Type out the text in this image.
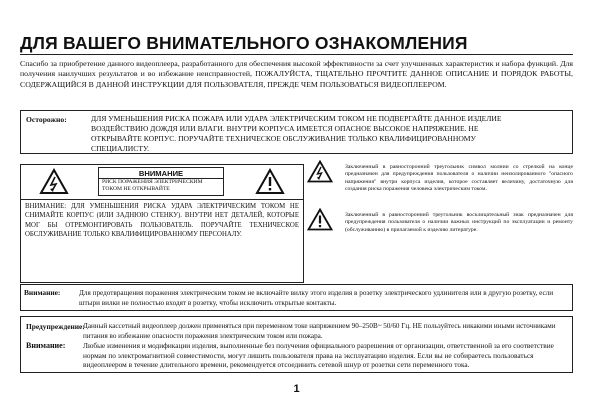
ДЛЯ ВАШЕГО ВНИМАТЕЛЬНОГО ОЗНАКОМЛЕНИЯ
Спасибо за приобретение данного видеоплеера, разработанного для обеспечения высокой эффективности за счет улучшенных характеристик и набора функций. Для получения наилучших результатов и во избежание неисправностей, ПОЖАЛУЙСТА, ТЩАТЕЛЬНО ПРОЧТИТЕ ДАННОЕ ОПИСАНИЕ И ПОРЯДОК РАБОТЫ, СОДЕРЖАЩИЙСЯ В ДАННОЙ ИНСТРУКЦИИ ДЛЯ ПОЛЬЗОВАТЕЛЯ, ПРЕЖДЕ ЧЕМ ПОЛЬЗОВАТЬСЯ ВИДЕОПЛЕЕРОМ.
Осторожно:	ДЛЯ УМЕНЬШЕНИЯ РИСКА ПОЖАРА ИЛИ УДАРА ЭЛЕКТРИЧЕСКИМ ТОКОМ НЕ ПОДВЕРГАЙТЕ ДАННОЕ ИЗДЕЛИЕ ВОЗДЕЙСТВИЮ ДОЖДЯ ИЛИ ВЛАГИ. ВНУТРИ КОРПУСА ИМЕЕТСЯ ОПАСНОЕ ВЫСОКОЕ НАПРЯЖЕНИЕ. НЕ ОТКРЫВАЙТЕ КОРПУС. ПОРУЧАЙТЕ ТЕХНИЧЕСКОЕ ОБСЛУЖИВАНИЕ ТОЛЬКО КВАЛИФИЦИРОВАННОМУ СПЕЦИАЛИСТУ.
ВНИМАНИЕ
РИСК ПОРАЖЕНИЯ ЭЛЕКТРИЧЕСКИМ ТОКОМ НЕ ОТКРЫВАЙТЕ
ВНИМАНИЕ: ДЛЯ УМЕНЬШЕНИЯ РИСКА УДАРА ЭЛЕКТРИЧЕСКИМ ТОКОМ НЕ СНИМАЙТЕ КОРПУС (ИЛИ ЗАДНЮЮ СТЕНКУ). ВНУТРИ НЕТ ДЕТАЛЕЙ, КОТОРЫЕ МОГ БЫ ОТРЕМОНТИРОВАТЬ ПОЛЬЗОВАТЕЛЬ. ПОРУЧАЙТЕ ТЕХНИЧЕСКОЕ ОБСЛУЖИВАНИЕ ТОЛЬКО КВАЛИФИЦИРОВАННОМУ ПЕРСОНАЛУ.
Заключенный в равносторонний треугольник символ молнии со стрелкой на конце предназначен для предупреждения пользователя о наличии неизолированного "опасного напряжения" внутри корпуса изделия, которое составляет величину, достаточную для создания риска поражения человека электрическим током.
Заключенный в равносторонний треугольник восклицательный знак предназначен для предупреждения пользователя о наличии важных инструкций по эксплуатации и ремонту (обслуживанию) в прилагаемой к изделию литературе.
Внимание:	Для предотвращения поражения электрическим током не включайте вилку этого изделия в розетку электрического удлинителя или в другую розетку, если штыри вилки не полностью входят в розетку, чтобы исключить открытые контакты.
Предупреждение:
Данный кассетный видеоплеер должен применяться при переменном токе напряжением 90–250В~ 50/60 Гц. НЕ пользуйтесь никакими иными источниками питания во избежание опасности поражения электрическим током или пожара.
Внимание: Любые изменения и модификации изделия, выполненные без получения официального разрешения от организации, ответственной за его соответствие нормам по электромагнитной совместимости, могут лишить пользователя права на эксплуатацию изделия. Если вы не собираетесь пользоваться видеоплеером в течение длительного времени, рекомендуется отсоединить сетевой шнур от розетки сети переменного тока.
1
